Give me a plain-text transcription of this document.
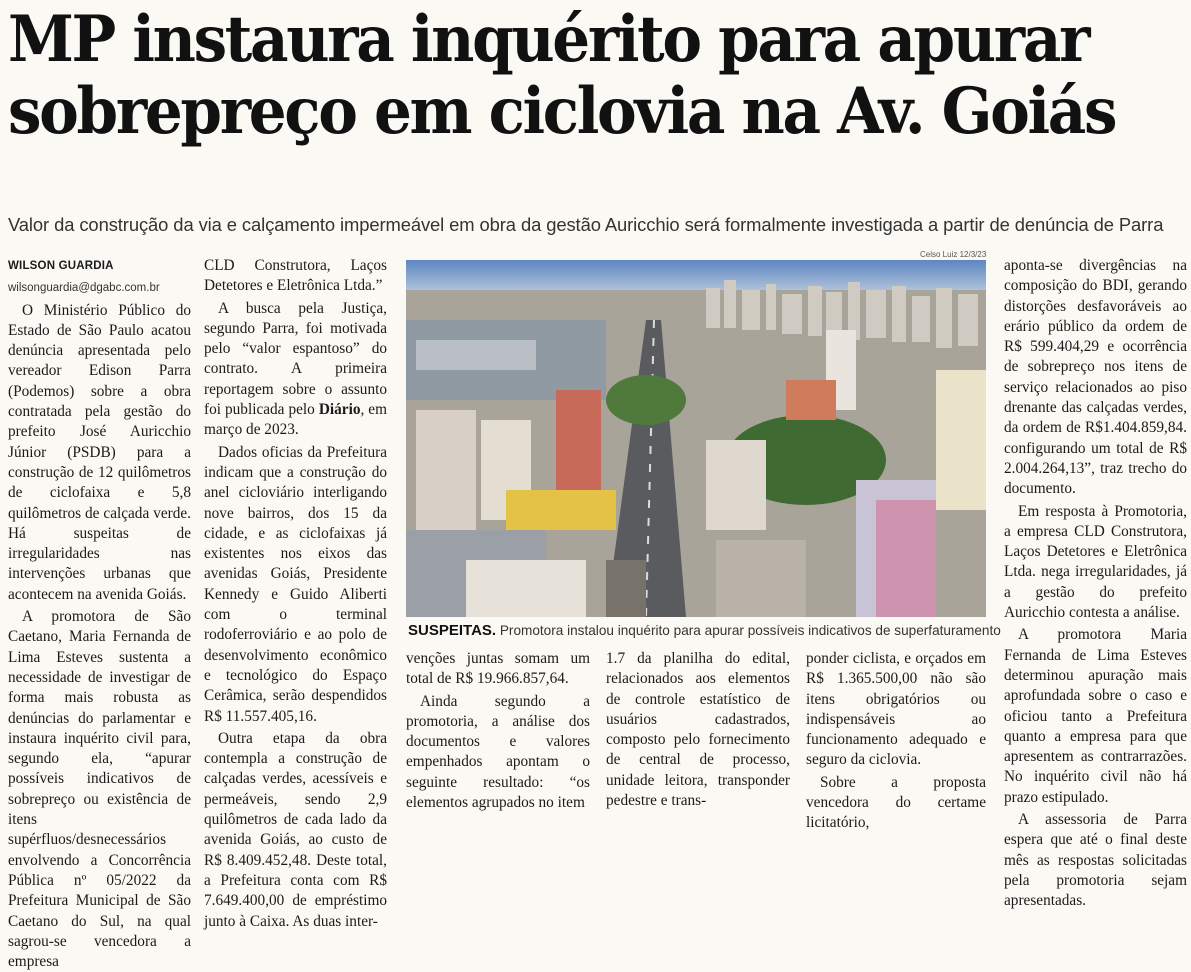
MP instaura inquérito para apurar
sobrepreço em ciclovia na Av. Goiás
Valor da construção da via e calçamento impermeável em obra da gestão Auricchio será formalmente investigada a partir de denúncia de Parra

WILSON GUARDIA

wilsonguardia@dgabc.com.br

O Ministério Público do Estado de São Paulo acatou denúncia apresentada pelo vereador Edison Parra (Podemos) sobre a obra contratada pela gestão do prefeito José Auricchio Júnior (PSDB) para a construção de 12 quilômetros de ciclofaixa e 5,8 quilômetros de calçada verde. Há suspeitas de irregularidades nas intervenções urbanas que acontecem na avenida Goiás.

A promotora de São Caetano, Maria Fernanda de Lima Esteves sustenta a necessidade de investigar de forma mais robusta as denúncias do parlamentar e instaura inquérito civil para, segundo ela, “apurar possíveis indicativos de sobrepreço ou existência de itens supérfluos/desnecessários envolvendo a Concorrência Pública nº 05/2022 da Prefeitura Municipal de São Caetano do Sul, na qual sagrou-se vencedora a empresa

CLD Construtora, Laços Detetores e Eletrônica Ltda.”

A busca pela Justiça, segundo Parra, foi motivada pelo “valor espantoso” do contrato. A primeira reportagem sobre o assunto foi publicada pelo Diário, em março de 2023.

Dados oficias da Prefeitura indicam que a construção do anel cicloviário interligando nove bairros, dos 15 da cidade, e as ciclofaixas já existentes nos eixos das avenidas Goiás, Presidente Kennedy e Guido Aliberti com o terminal rodoferroviário e ao polo de desenvolvimento econômico e tecnológico do Espaço Cerâmica, serão despendidos R$ 11.557.405,16.

Outra etapa da obra contempla a construção de calçadas verdes, acessíveis e permeáveis, sendo 2,9 quilômetros de cada lado da avenida Goiás, ao custo de R$ 8.409.452,48. Deste total, a Prefeitura conta com R$ 7.649.400,00 de empréstimo junto à Caixa. As duas inter-

Celso Luiz 12/3/23
SUSPEITAS. Promotora instalou inquérito para apurar possíveis indicativos de superfaturamento

venções juntas somam um total de R$ 19.966.857,64.

Ainda segundo a promotoria, a análise dos documentos e valores empenhados apontam o seguinte resultado: “os elementos agrupados no item

1.7 da planilha do edital, relacionados aos elementos de controle estatístico de usuários cadastrados, composto pelo fornecimento de central de processo, unidade leitora, transponder pedestre e trans-

ponder ciclista, e orçados em R$ 1.365.500,00 não são itens obrigatórios ou indispensáveis ao funcionamento adequado e seguro da ciclovia.

Sobre a proposta vencedora do certame licitatório,

aponta-se divergências na composição do BDI, gerando distorções desfavoráveis ao erário público da ordem de R$ 599.404,29 e ocorrência de sobrepreço nos itens de serviço relacionados ao piso drenante das calçadas verdes, da ordem de R$1.404.859,84. configurando um total de R$ 2.004.264,13”, traz trecho do documento.

Em resposta à Promotoria, a empresa CLD Construtora, Laços Detetores e Eletrônica Ltda. nega irregularidades, já a gestão do prefeito Auricchio contesta a análise.

A promotora Maria Fernanda de Lima Esteves determinou apuração mais aprofundada sobre o caso e oficiou tanto a Prefeitura quanto a empresa para que apresentem as contrarrazões. No inquérito civil não há prazo estipulado.

A assessoria de Parra espera que até o final deste mês as respostas solicitadas pela promotoria sejam apresentadas.
